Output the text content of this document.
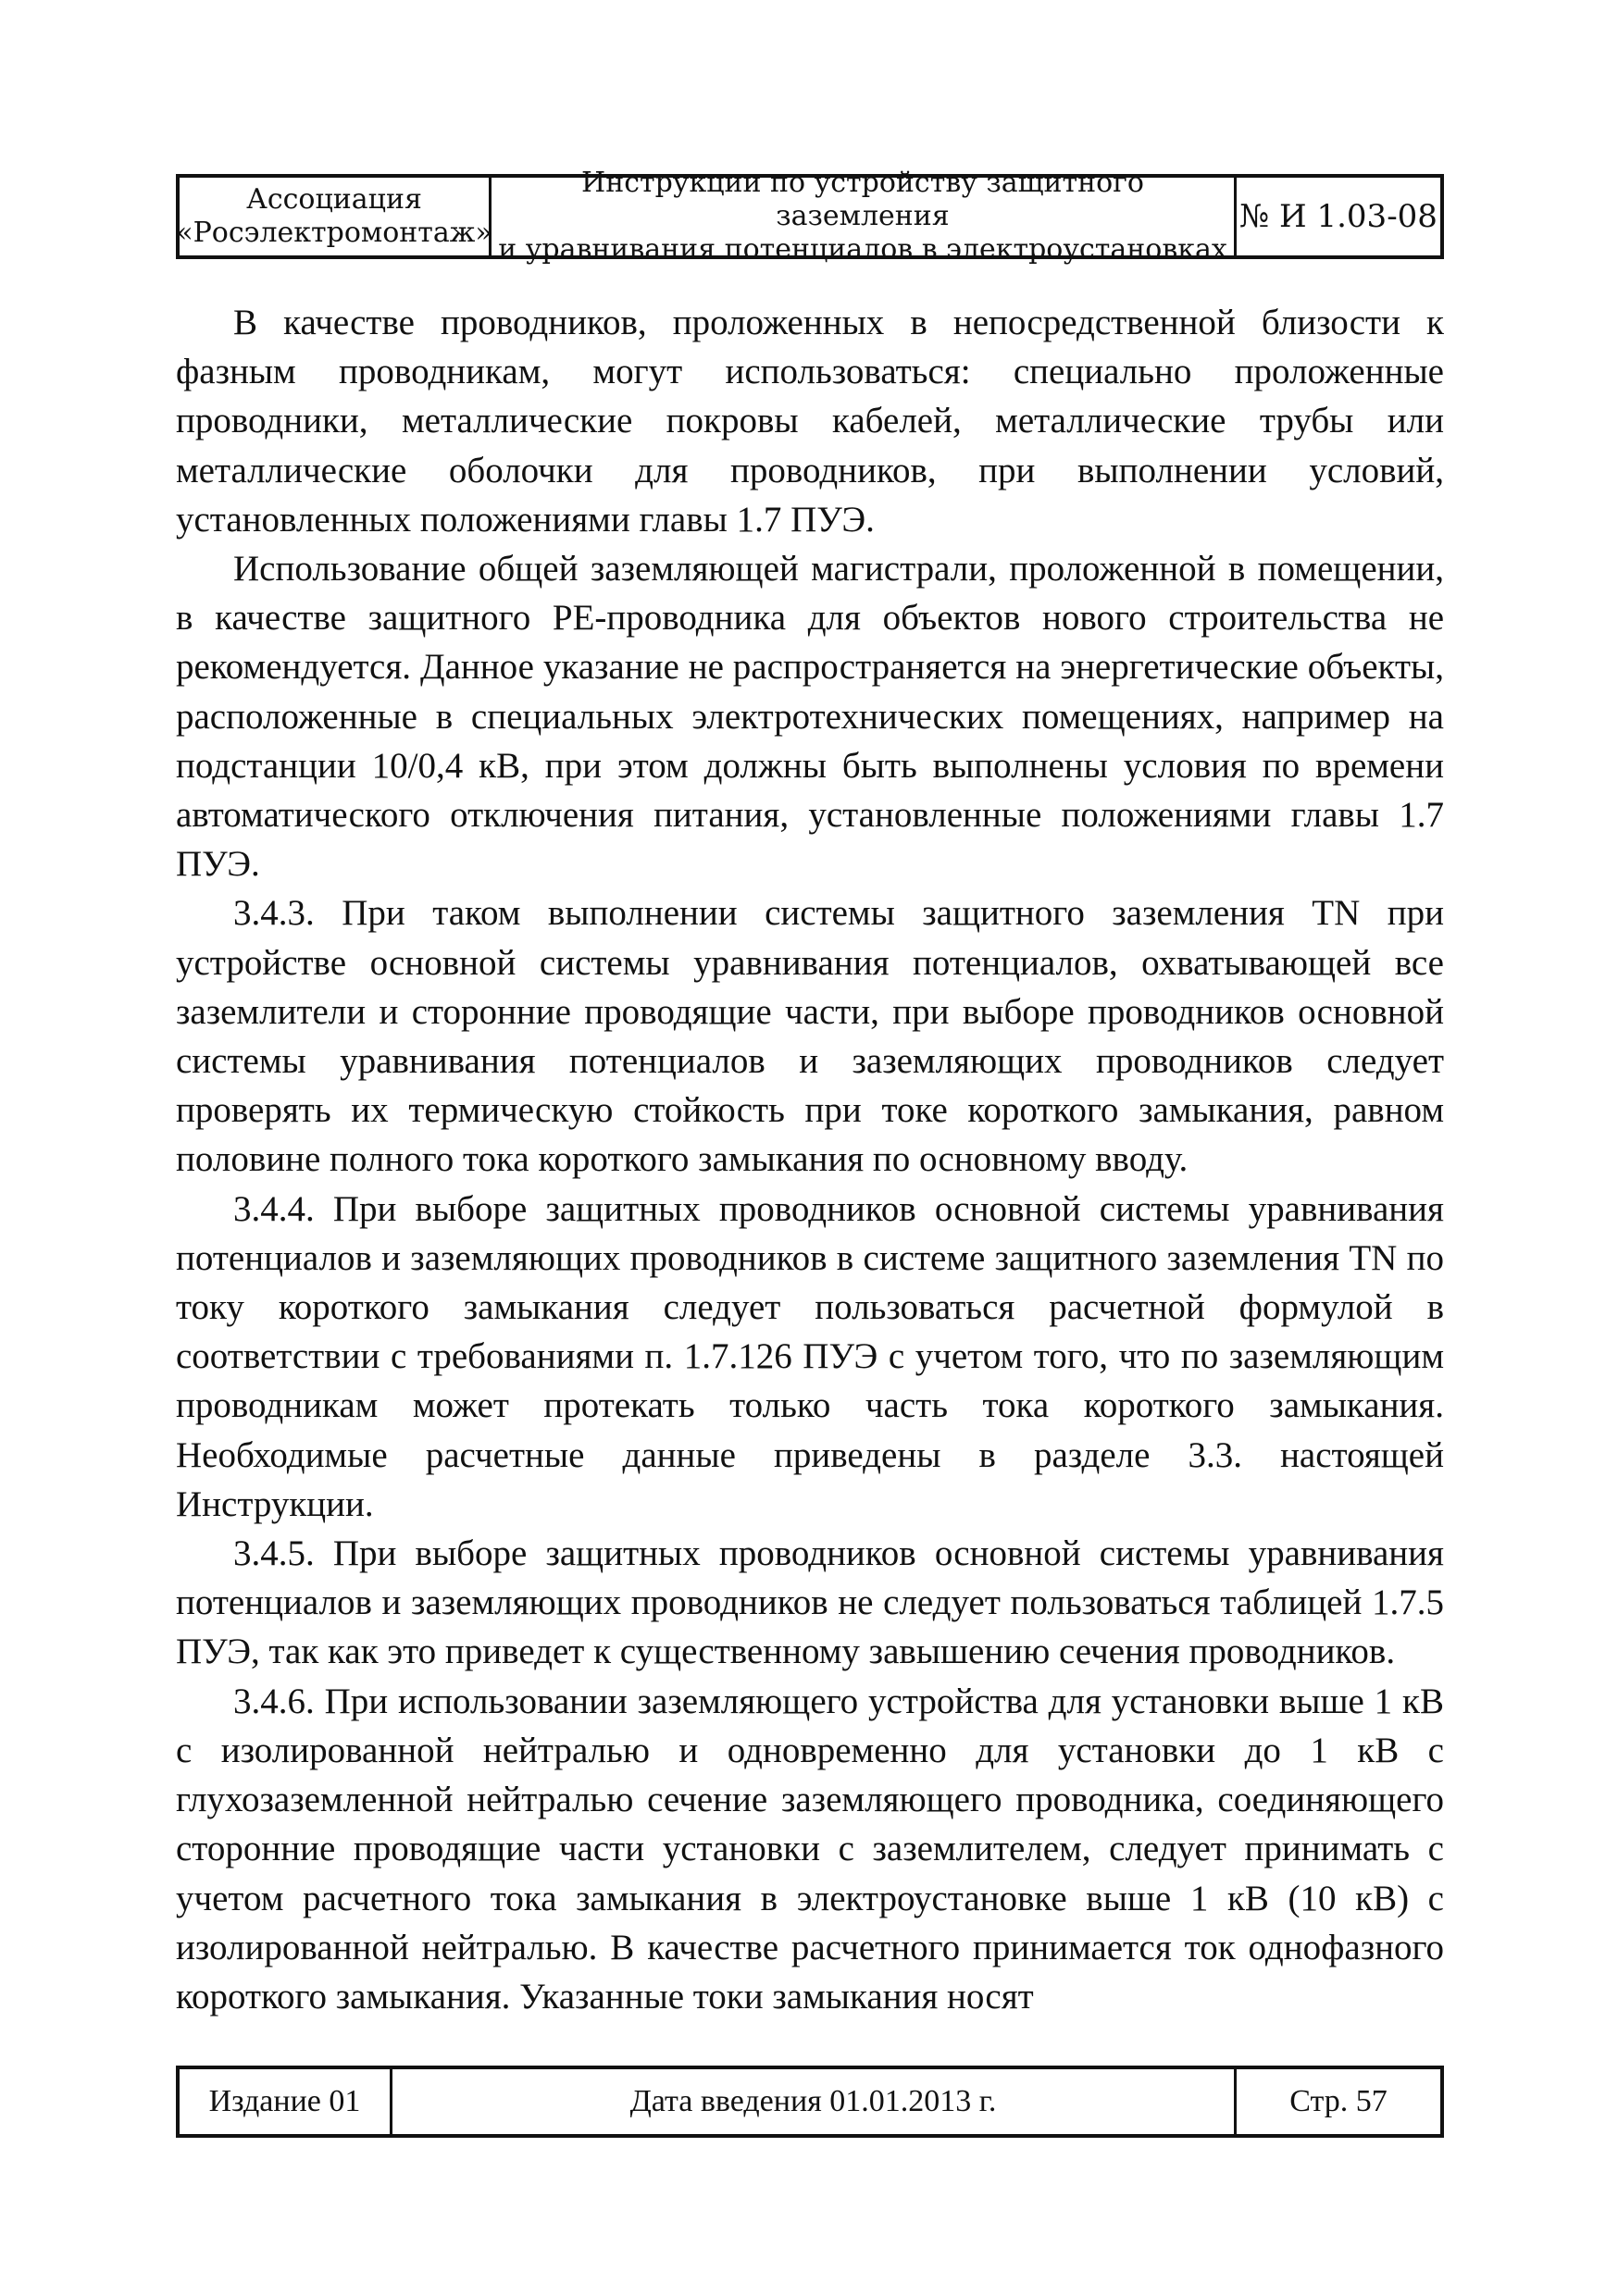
Ассоциация
«Росэлектромонтаж»
Инструкции по устройству защитного заземления
и уравнивания потенциалов в электроустановках
№ И 1.03-08

В качестве проводников, проложенных в непосредственной близости к фазным проводникам, могут использоваться: специально проложенные проводники, металлические покровы кабелей, металлические трубы или металлические оболочки для проводников, при выполнении условий, установленных положениями главы 1.7 ПУЭ.

Использование общей заземляющей магистрали, проложенной в помещении, в качестве защитного РЕ-проводника для объектов нового строительства не рекомендуется. Данное указание не распространяется на энергетические объекты, расположенные в специальных электротехнических помещениях, например на подстанции 10/0,4 кВ, при этом должны быть выполнены условия по времени автоматического отключения питания, установленные положениями главы 1.7 ПУЭ.

3.4.3. При таком выполнении системы защитного заземления TN при устройстве основной системы уравнивания потенциалов, охватывающей все заземлители и сторонние проводящие части, при выборе проводников основной системы уравнивания потенциалов и заземляющих проводников следует проверять их термическую стойкость при токе короткого замыкания, равном половине полного тока короткого замыкания по основному вводу.

3.4.4. При выборе защитных проводников основной системы уравнивания потенциалов и заземляющих проводников в системе защитного заземления TN по току короткого замыкания следует пользоваться расчетной формулой в соответствии с требованиями п. 1.7.126 ПУЭ с учетом того, что по заземляющим проводникам может протекать только часть тока короткого замыкания. Необходимые расчетные данные приведены в разделе 3.3. настоящей Инструкции.

3.4.5. При выборе защитных проводников основной системы уравнивания потенциалов и заземляющих проводников не следует пользоваться таблицей 1.7.5 ПУЭ, так как это приведет к существенному завышению сечения проводников.

3.4.6. При использовании заземляющего устройства для установки выше 1 кВ с изолированной нейтралью и одновременно для установки до 1 кВ с глухозаземленной нейтралью сечение заземляющего проводника, соединяющего сторонние проводящие части установки с заземлителем, следует принимать с учетом расчетного тока замыкания в электроустановке выше 1 кВ (10 кВ) с изолированной нейтралью. В качестве расчетного принимается ток однофазного короткого замыкания. Указанные токи замыкания носят

Издание 01	Дата введения 01.01.2013 г.	Стр. 57
